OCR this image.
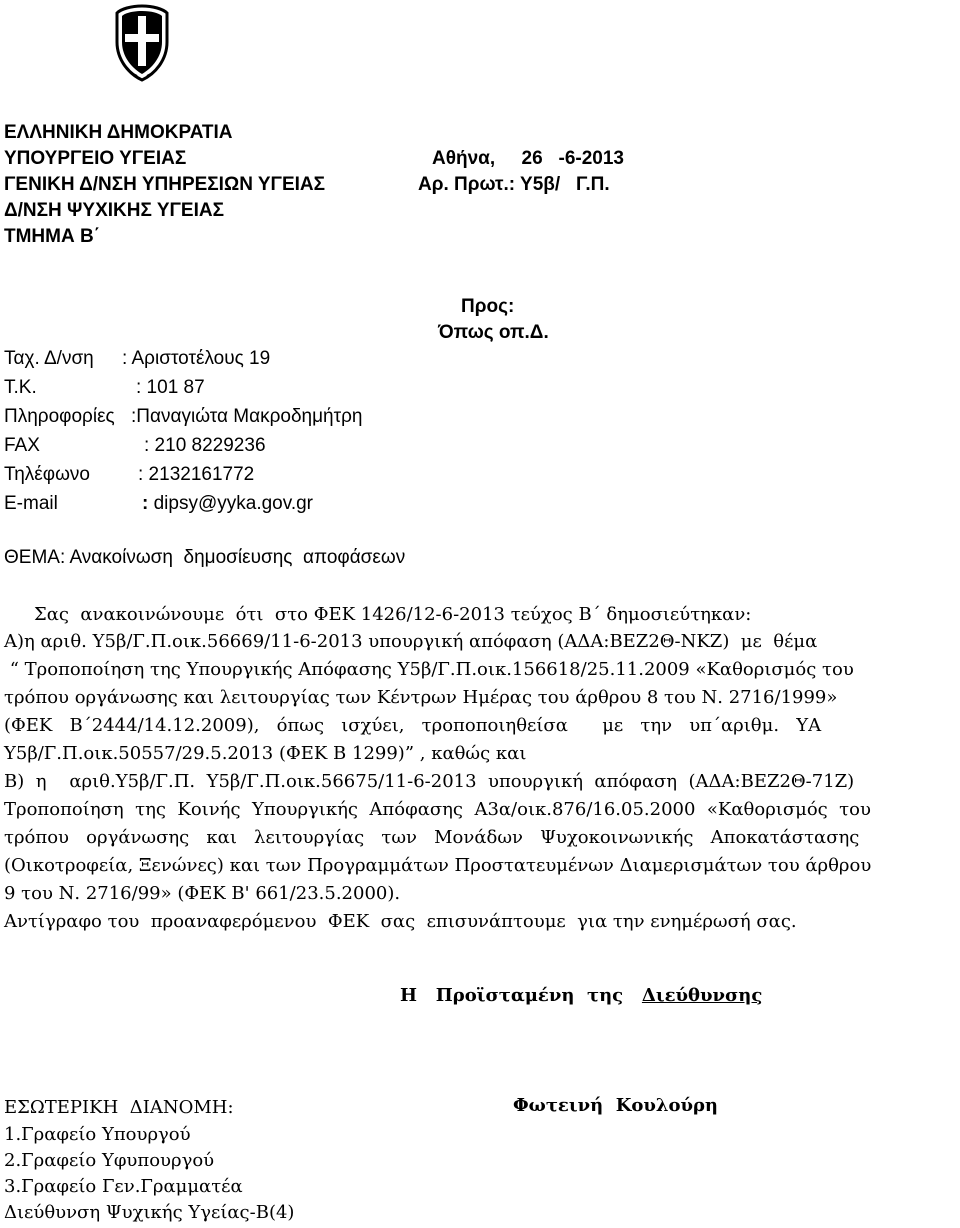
ΕΛΛΗΝΙΚΗ ΔΗΜΟΚΡΑΤΙΑ
ΥΠΟΥΡΓΕΙΟ ΥΓΕΙΑΣ
ΓΕΝΙΚΗ Δ/ΝΣΗ ΥΠΗΡΕΣΙΩΝ ΥΓΕΙΑΣ
Δ/ΝΣΗ ΨΥΧΙΚΗΣ ΥΓΕΙΑΣ
ΤΜΗΜΑ Β΄
Αθήνα,     26   -6-2013
Αρ. Πρωτ.: Υ5β/   Γ.Π.
Προς:
Όπως οπ.Δ.
Ταχ. Δ/νση : Αριστοτέλους 19
Τ.Κ.	: 101 87
Πληροφορίες :Παναγιώτα Μακροδημήτρη
FAX	: 210 8229236
Τηλέφωνο	: 2132161772
E-mail	: dipsy@yyka.gov.gr
ΘΕΜΑ: Ανακοίνωση  δημοσίευσης  αποφάσεων
Σας  ανακοινώνουμε  ότι  στο ΦΕΚ 1426/12-6-2013 τεύχος Β΄ δημοσιεύτηκαν:
Α)η αριθ. Υ5β/Γ.Π.οικ.56669/11-6-2013 υπουργική απόφαση (ΑΔΑ:ΒΕΖ2Θ-ΝΚΖ)  με  θέμα
“ Τροποποίηση της Υπουργικής Απόφασης Υ5β/Γ.Π.οικ.156618/25.11.2009 «Καθορισμός του
τρόπου οργάνωσης και λειτουργίας των Κέντρων Ημέρας του άρθρου 8 του Ν. 2716/1999»
(ΦΕΚ   Β΄2444/14.12.2009),   όπως   ισχύει,   τροποποιηθείσα      με   την   υπ΄αριθμ.   ΥΑ
Υ5β/Γ.Π.οικ.50557/29.5.2013 (ΦΕΚ Β 1299)” , καθώς και
Β)  η    αριθ.Υ5β/Γ.Π.  Υ5β/Γ.Π.οικ.56675/11-6-2013  υπουργική  απόφαση  (ΑΔΑ:ΒΕΖ2Θ-71Ζ)
Τροποποίηση  της  Κοινής  Υπουργικής  Απόφασης  Α3α/οικ.876/16.05.2000  «Καθορισμός  του
τρόπου   οργάνωσης   και   λειτουργίας   των   Μονάδων   Ψυχοκοινωνικής   Αποκατάστασης
(Οικοτροφεία, Ξενώνες) και των Προγραμμάτων Προστατευμένων Διαμερισμάτων του άρθρου
9 του Ν. 2716/99» (ΦΕΚ Β' 661/23.5.2000).
Αντίγραφο του  προαναφερόμενου  ΦΕΚ  σας  επισυνάπτουμε  για την ενημέρωσή σας.
Η   Προϊσταμένη  της   Διεύθυνσης
Φωτεινή  Κουλούρη
ΕΣΩΤΕΡΙΚΗ  ΔΙΑΝΟΜΗ:
1.Γραφείο Υπουργού
2.Γραφείο Υφυπουργού
3.Γραφείο Γεν.Γραμματέα
Διεύθυνση Ψυχικής Υγείας-Β(4)
